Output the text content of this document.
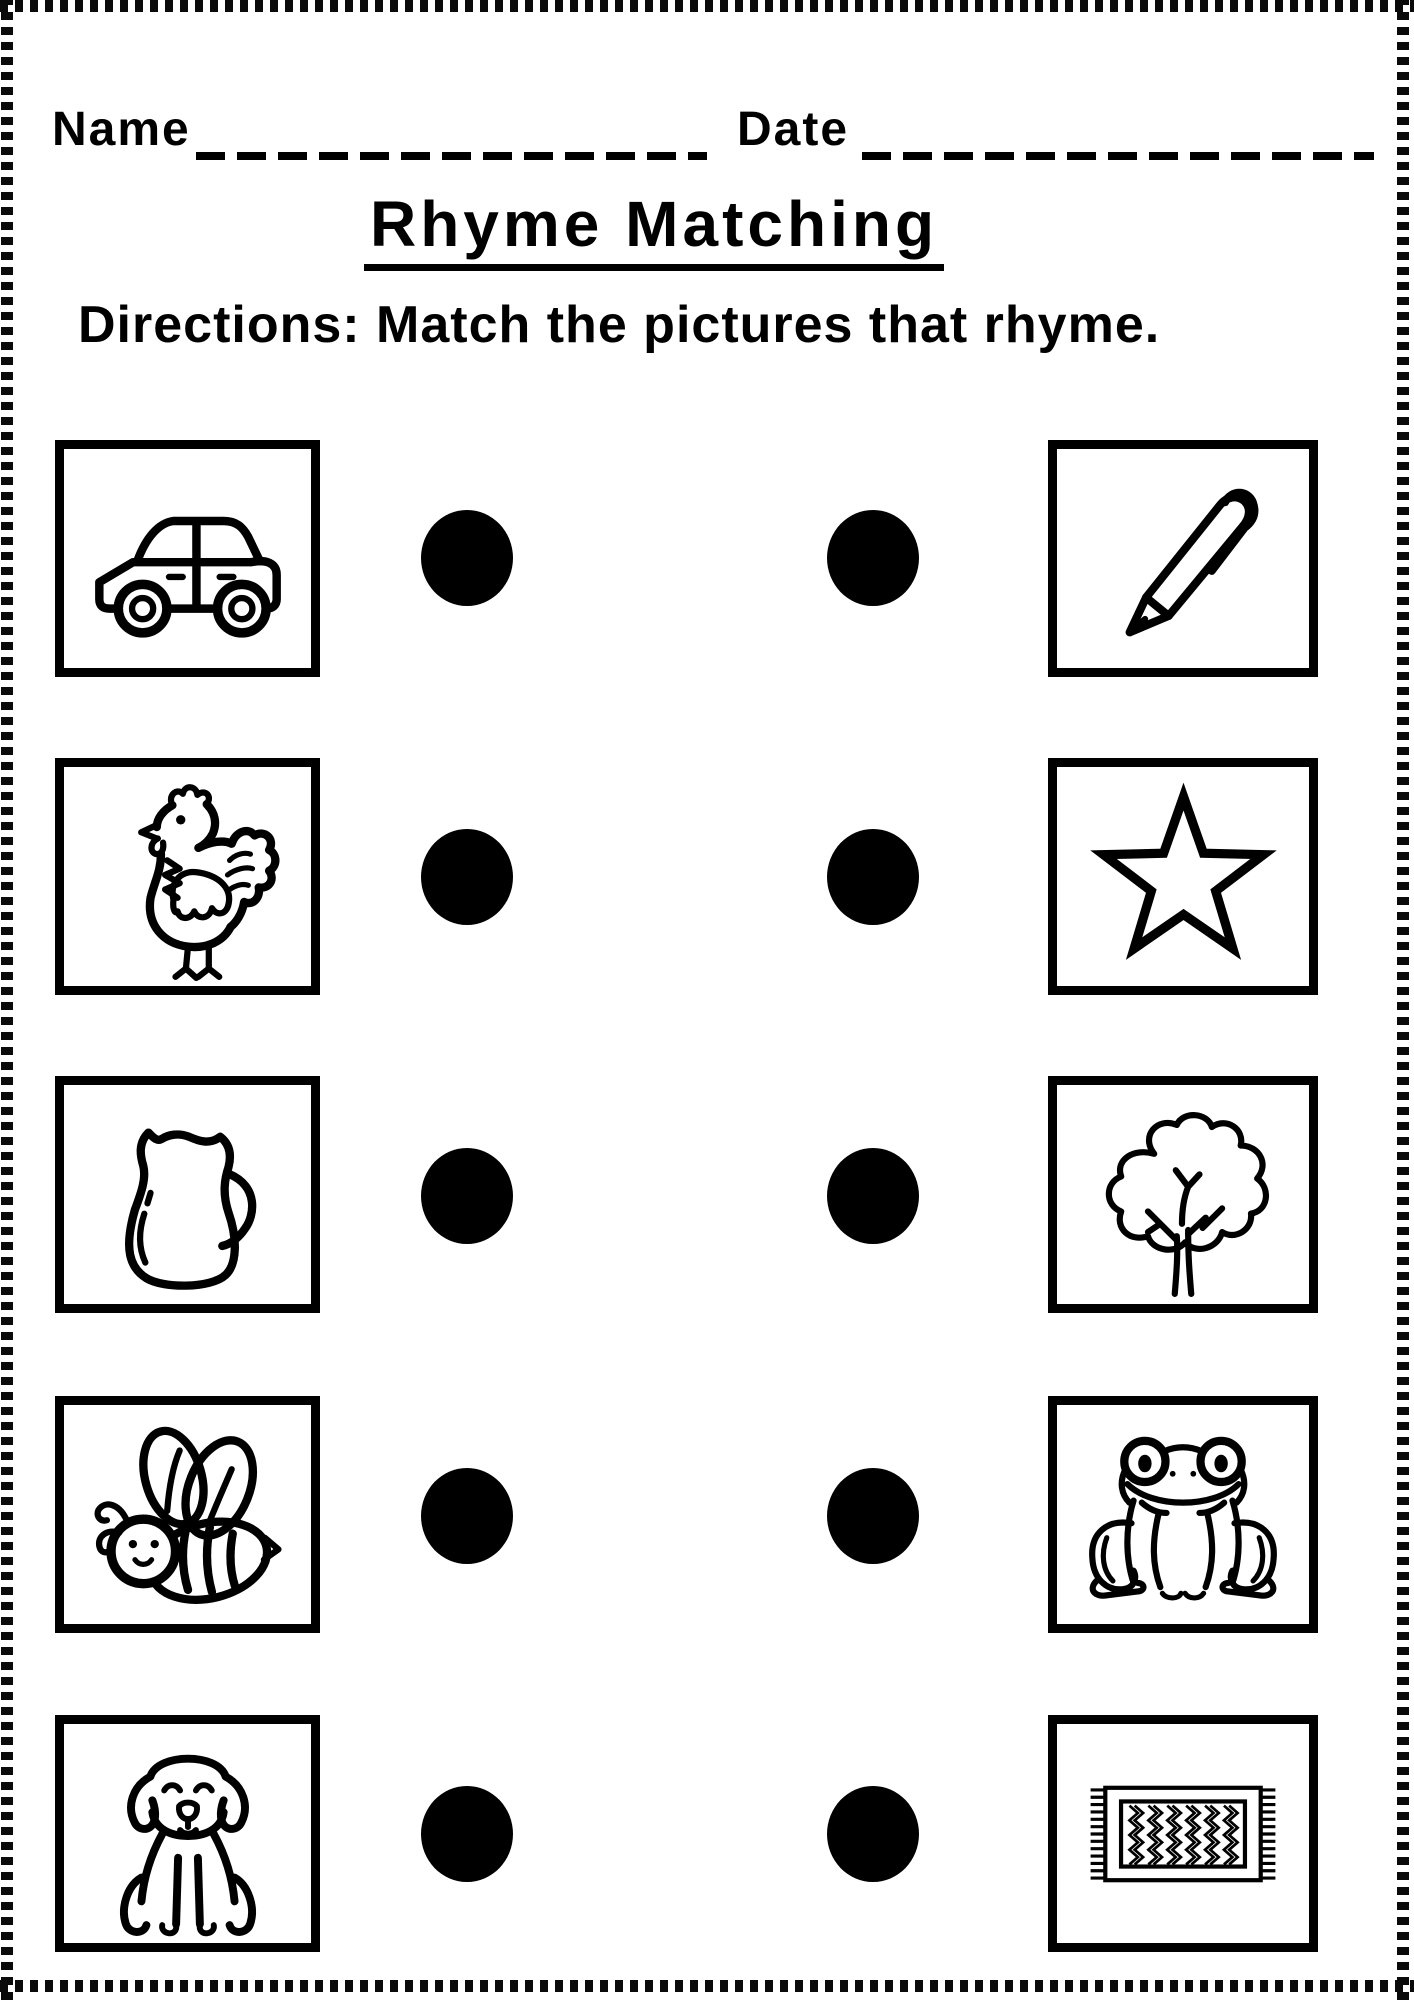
Name	Date
Rhyme Matching
Directions: Match the pictures that rhyme.
